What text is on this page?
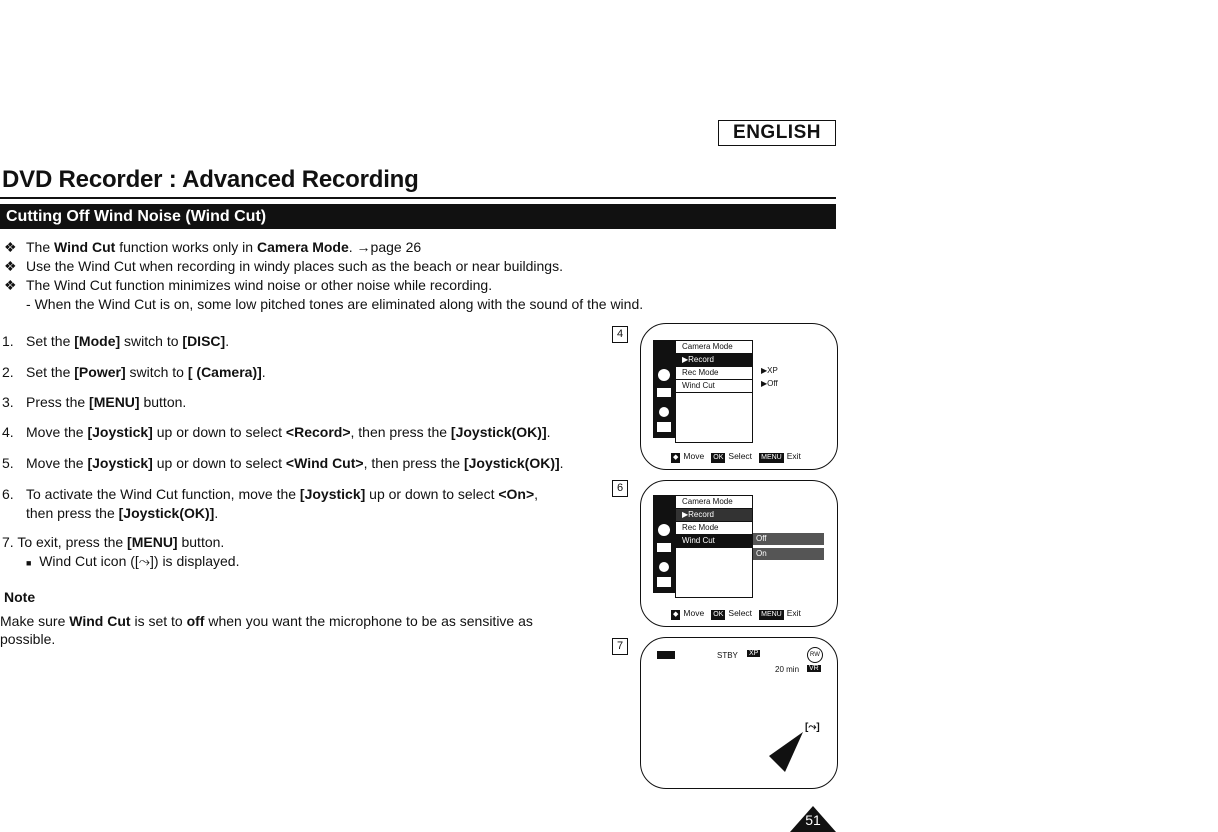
ENGLISH
DVD Recorder : Advanced Recording
Cutting Off Wind Noise (Wind Cut)
❖ The Wind Cut function works only in Camera Mode. →page 26
❖ Use the Wind Cut when recording in windy places such as the beach or near buildings.
❖ The Wind Cut function minimizes wind noise or other noise while recording.
- When the Wind Cut is on, some low pitched tones are eliminated along with the sound of the wind.
1. Set the [Mode] switch to [DISC].
2. Set the [Power] switch to [ (Camera)].
3. Press the [MENU] button.
4. Move the [Joystick] up or down to select <Record>, then press the [Joystick(OK)].
5. Move the [Joystick] up or down to select <Wind Cut>, then press the [Joystick(OK)].
6. To activate the Wind Cut function, move the [Joystick] up or down to select <On>,
then press the [Joystick(OK)].
7. To exit, press the [MENU] button.
■ Wind Cut icon ([⤳]) is displayed.
Note
Make sure Wind Cut is set to off when you want the microphone to be as sensitive as possible.
4
Camera Mode
▶Record
Rec Mode
Wind Cut
▶XP
▶Off
◆ Move OK Select MENU Exit
6
Camera Mode
▶Record
Rec Mode
Wind Cut	Off
On
◆ Move OK Select MENU Exit
7
STBY XP	RW
20 min VR
[⤳]
51
